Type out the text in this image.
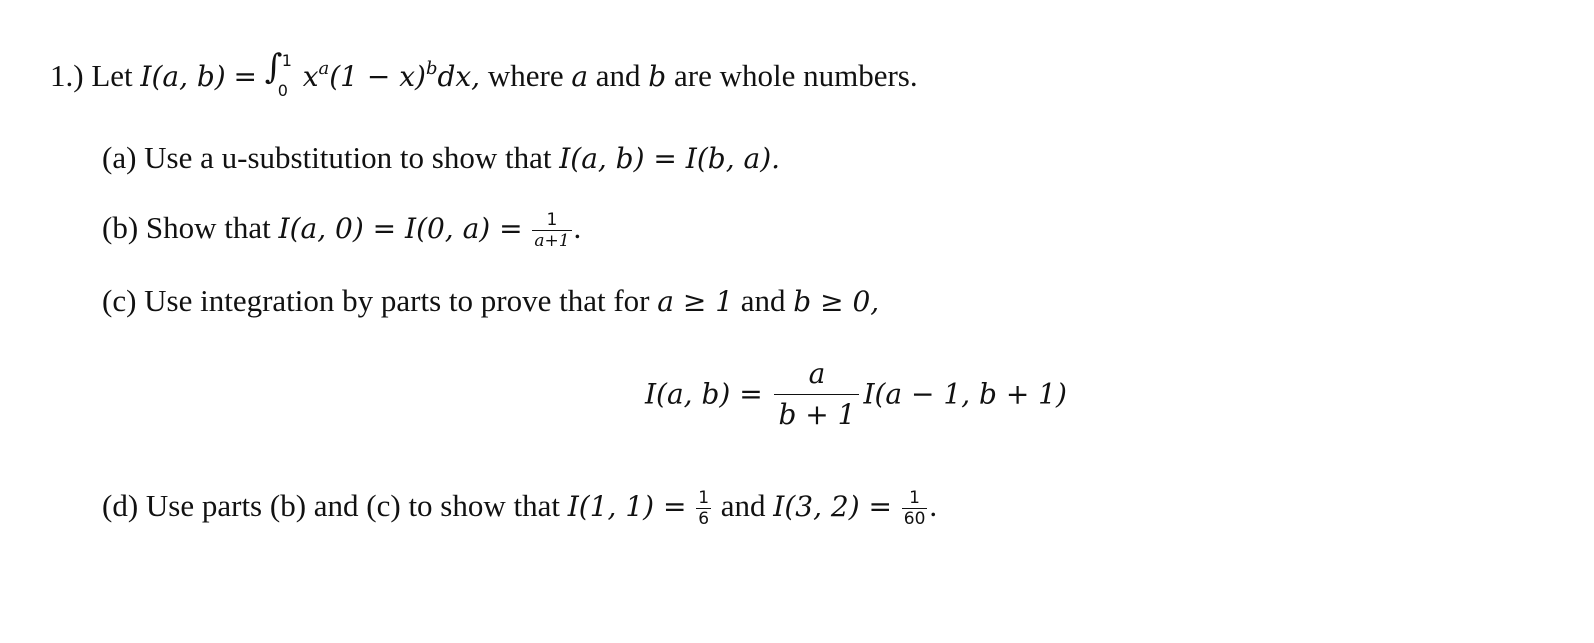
1.) Let I(a, b) = ∫ 1
0 $x^a(1 - x)^bdx$, where a and b are whole numbers.
(a) Use a u-substitution to show that I(a, b) = I(b, a).
(b) Show that I(a, 0) = I(0, $a) = \frac{1}{a+1}$ .
(c) Use integration by parts to prove that for a ≥ 1 and b ≥ 0,
I(a, $b) = \frac{a}{b + 1} I(a - 1$, b + 1)
(d) Use parts (b) and (c) to show that I(1, $1) = \frac{1}{6}$ and I(3, $2) = \frac{1}{60}$ .
